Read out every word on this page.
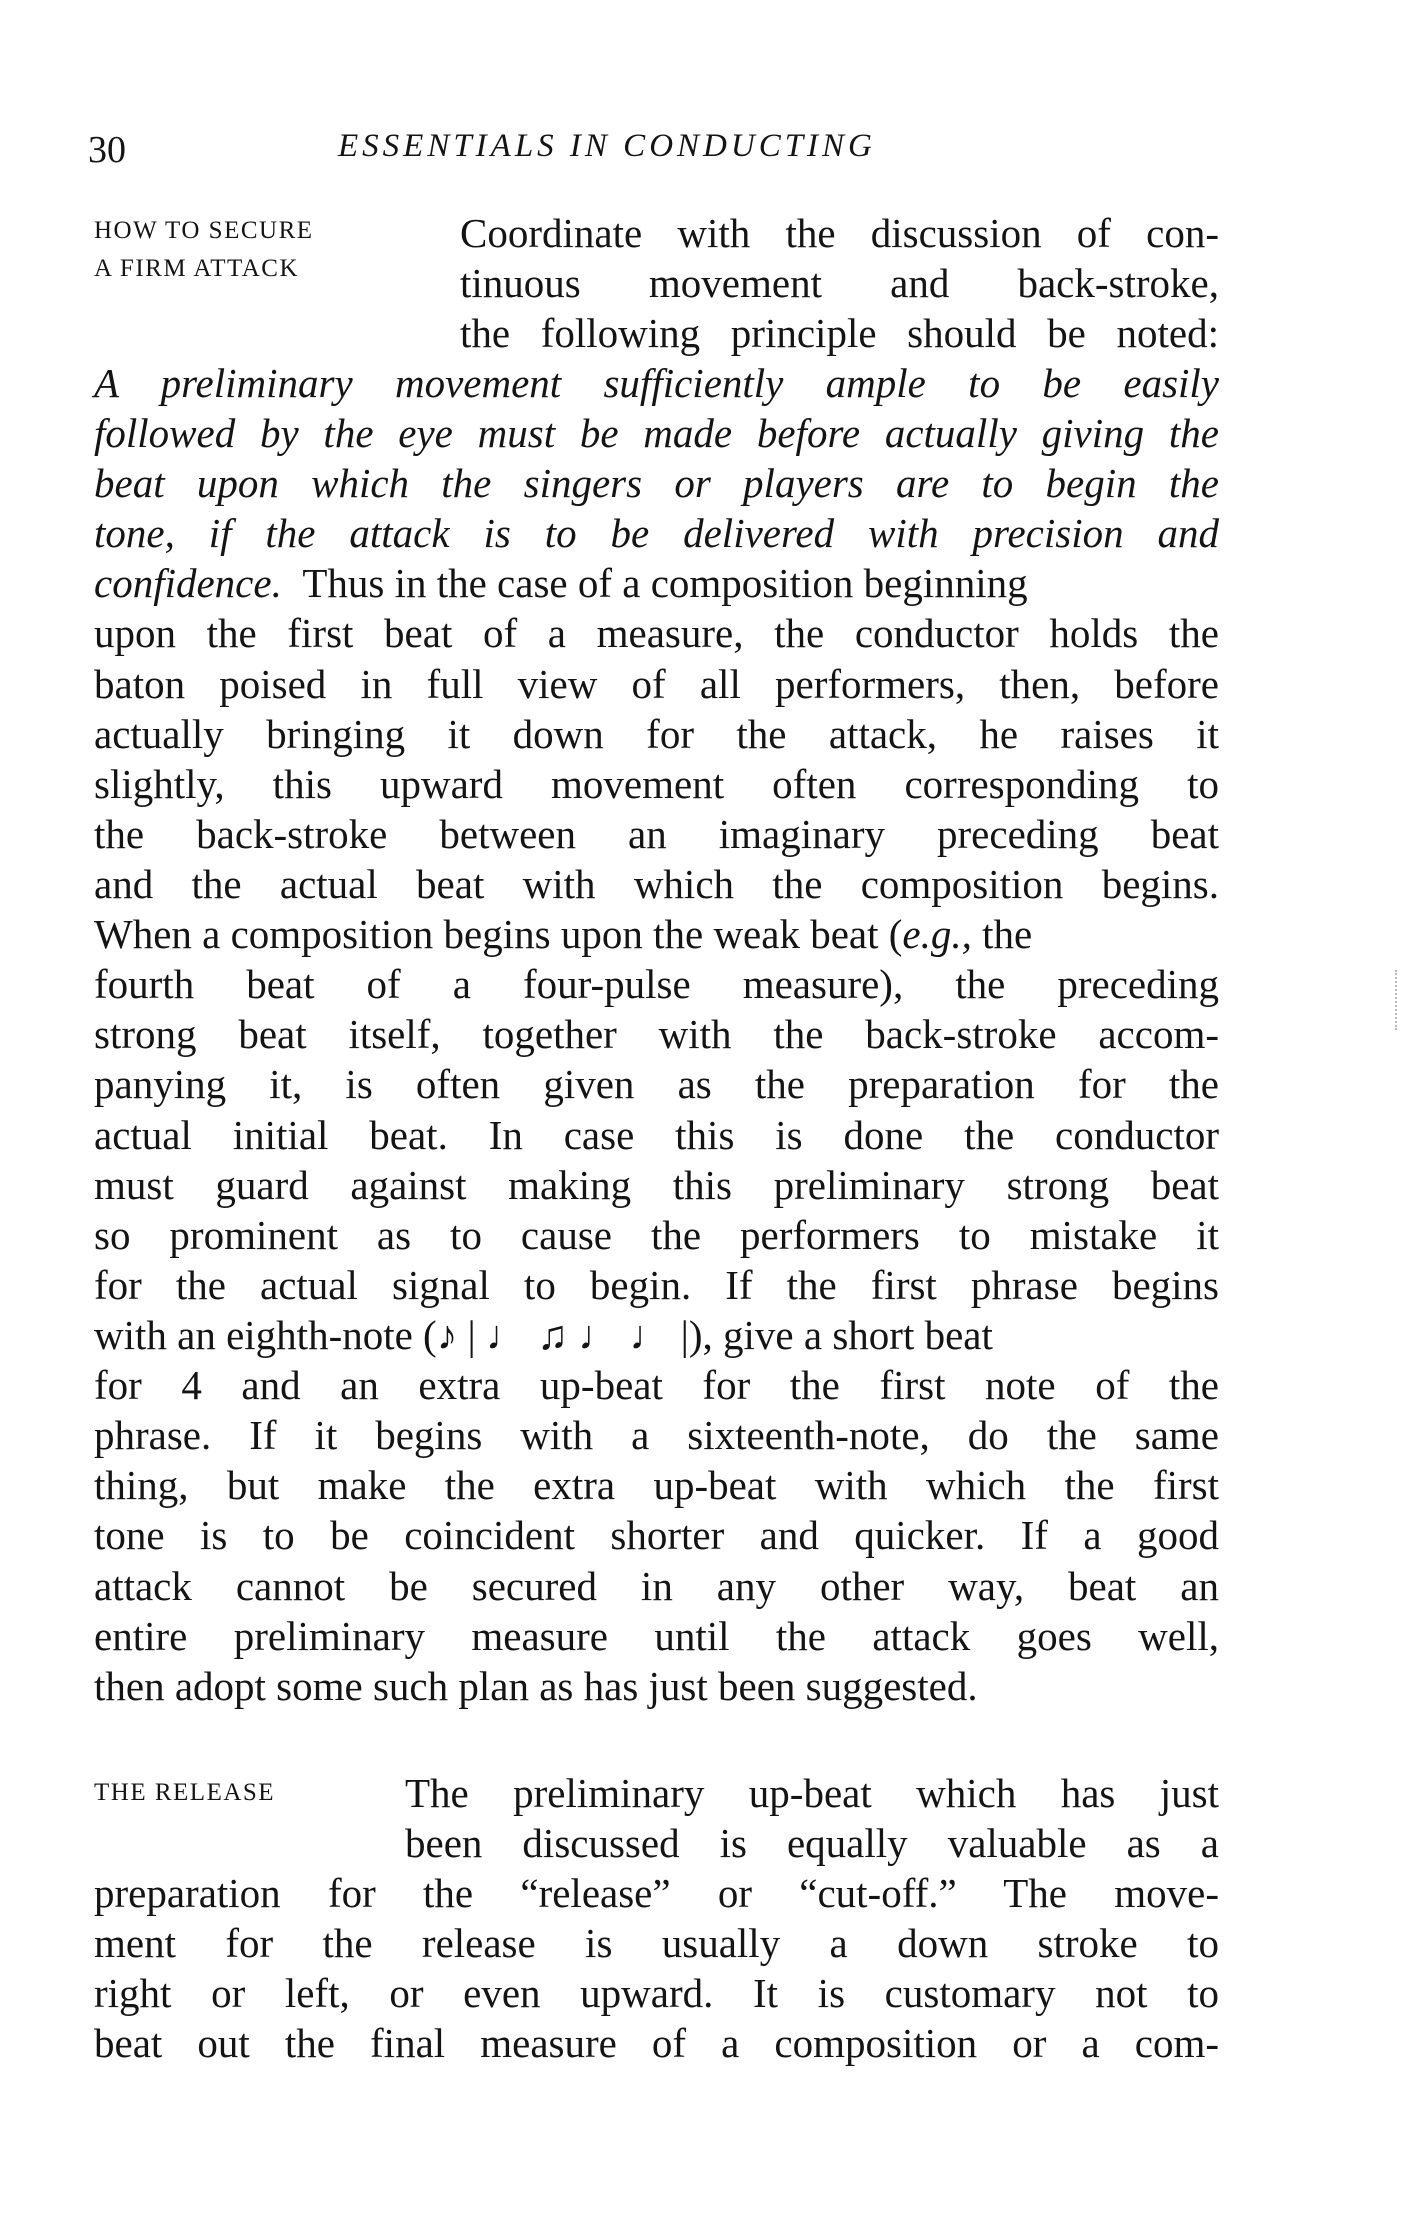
30	ESSENTIALS IN CONDUCTING
HOW TO SECURE
A FIRM ATTACK
Coordinate with the discussion of con-
tinuous movement and back-stroke,
the following principle should be noted:
A preliminary movement sufficiently ample to be easily
followed by the eye must be made before actually giving the
beat upon which the singers or players are to begin the
tone, if the attack is to be delivered with precision and
confidence. Thus in the case of a composition beginning
upon the first beat of a measure, the conductor holds the
baton poised in full view of all performers, then, before
actually bringing it down for the attack, he raises it
slightly, this upward movement often corresponding to
the back-stroke between an imaginary preceding beat
and the actual beat with which the composition begins.
When a composition begins upon the weak beat (e.g., the
fourth beat of a four-pulse measure), the preceding
strong beat itself, together with the back-stroke accom-
panying it, is often given as the preparation for the
actual initial beat. In case this is done the conductor
must guard against making this preliminary strong beat
so prominent as to cause the performers to mistake it
for the actual signal to begin. If the first phrase begins
with an eighth-note (♪ | ♩ ♫ ♩ ♩ |), give a short beat
for 4 and an extra up-beat for the first note of the
phrase. If it begins with a sixteenth-note, do the same
thing, but make the extra up-beat with which the first
tone is to be coincident shorter and quicker. If a good
attack cannot be secured in any other way, beat an
entire preliminary measure until the attack goes well,
then adopt some such plan as has just been suggested.
THE RELEASE	The preliminary up-beat which has just
been discussed is equally valuable as a
preparation for the “release” or “cut-off.” The move-
ment for the release is usually a down stroke to
right or left, or even upward. It is customary not to
beat out the final measure of a composition or a com-
